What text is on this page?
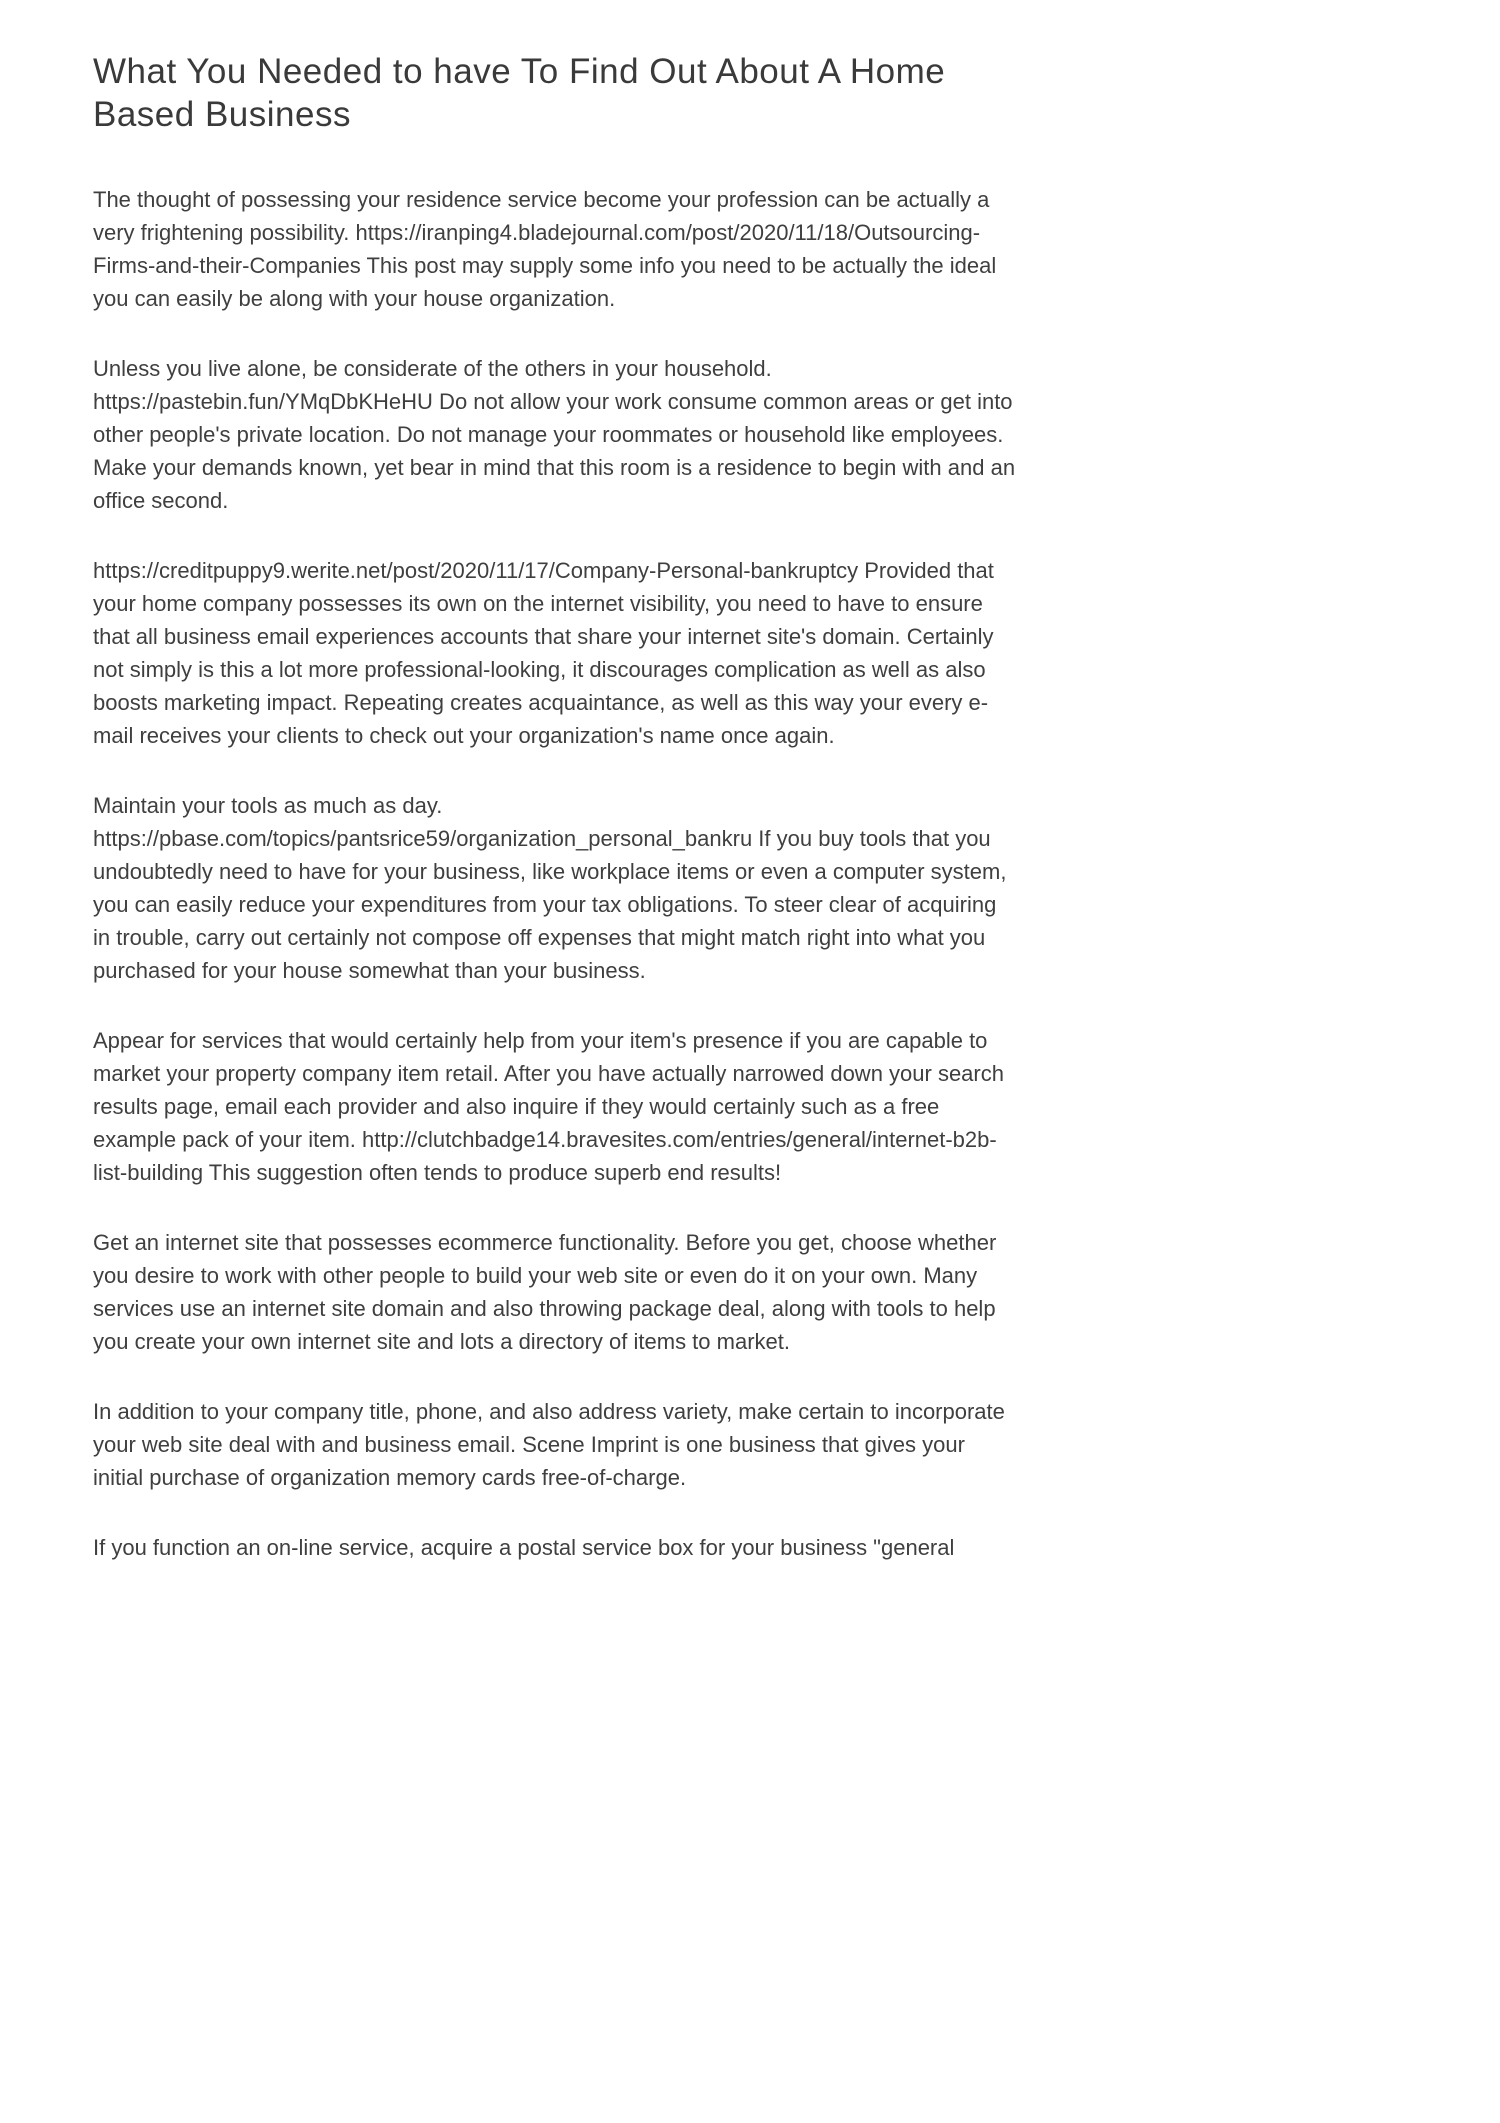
What You Needed to have To Find Out About A Home Based Business

The thought of possessing your residence service become your profession can be actually a very frightening possibility. https://iranping4.bladejournal.com/post/2020/11/18/Outsourcing-Firms-and-their-Companies This post may supply some info you need to be actually the ideal you can easily be along with your house organization.

Unless you live alone, be considerate of the others in your household. https://pastebin.fun/YMqDbKHeHU Do not allow your work consume common areas or get into other people's private location. Do not manage your roommates or household like employees. Make your demands known, yet bear in mind that this room is a residence to begin with and an office second.

https://creditpuppy9.werite.net/post/2020/11/17/Company-Personal-bankruptcy Provided that your home company possesses its own on the internet visibility, you need to have to ensure that all business email experiences accounts that share your internet site's domain. Certainly not simply is this a lot more professional-looking, it discourages complication as well as also boosts marketing impact. Repeating creates acquaintance, as well as this way your every e-mail receives your clients to check out your organization's name once again.

Maintain your tools as much as day. https://pbase.com/topics/pantsrice59/organization_personal_bankru If you buy tools that you undoubtedly need to have for your business, like workplace items or even a computer system, you can easily reduce your expenditures from your tax obligations. To steer clear of acquiring in trouble, carry out certainly not compose off expenses that might match right into what you purchased for your house somewhat than your business.

Appear for services that would certainly help from your item's presence if you are capable to market your property company item retail. After you have actually narrowed down your search results page, email each provider and also inquire if they would certainly such as a free example pack of your item. http://clutchbadge14.bravesites.com/entries/general/internet-b2b-list-building This suggestion often tends to produce superb end results!

Get an internet site that possesses ecommerce functionality. Before you get, choose whether you desire to work with other people to build your web site or even do it on your own. Many services use an internet site domain and also throwing package deal, along with tools to help you create your own internet site and lots a directory of items to market.

In addition to your company title, phone, and also address variety, make certain to incorporate your web site deal with and business email. Scene Imprint is one business that gives your initial purchase of organization memory cards free-of-charge.

If you function an on-line service, acquire a postal service box for your business "general
